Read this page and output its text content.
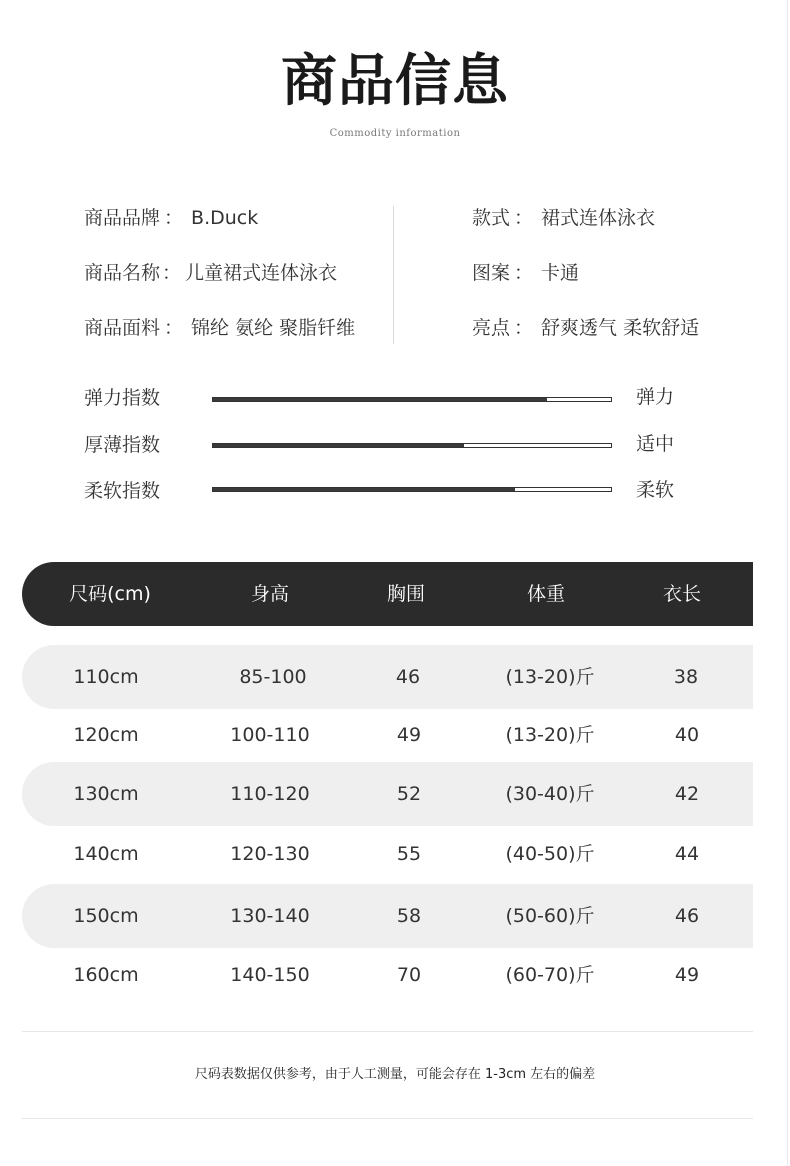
商品信息
Commodity information
商品品牌 ： B.Duck
商品名称 ： 儿童裙式连体泳衣
商品面料 ： 锦纶 氨纶 聚脂钎维
款式 ： 裙式连体泳衣
图案 ： 卡通
亮点 ： 舒爽透气 柔软舒适
弹力指数	弹力
厚薄指数	适中
柔软指数	柔软
尺码(cm)	身高	胸围	体重	衣长
110cm	85-100	46	(13-20)斤	38
120cm	100-110	49	(13-20)斤	40
130cm	110-120	52	(30-40)斤	42
140cm	120-130	55	(40-50)斤	44
150cm	130-140	58	(50-60)斤	46
160cm	140-150	70	(60-70)斤	49
尺码表数据仅供参考，由于人工测量，可能会存在 1-3cm 左右的偏差
